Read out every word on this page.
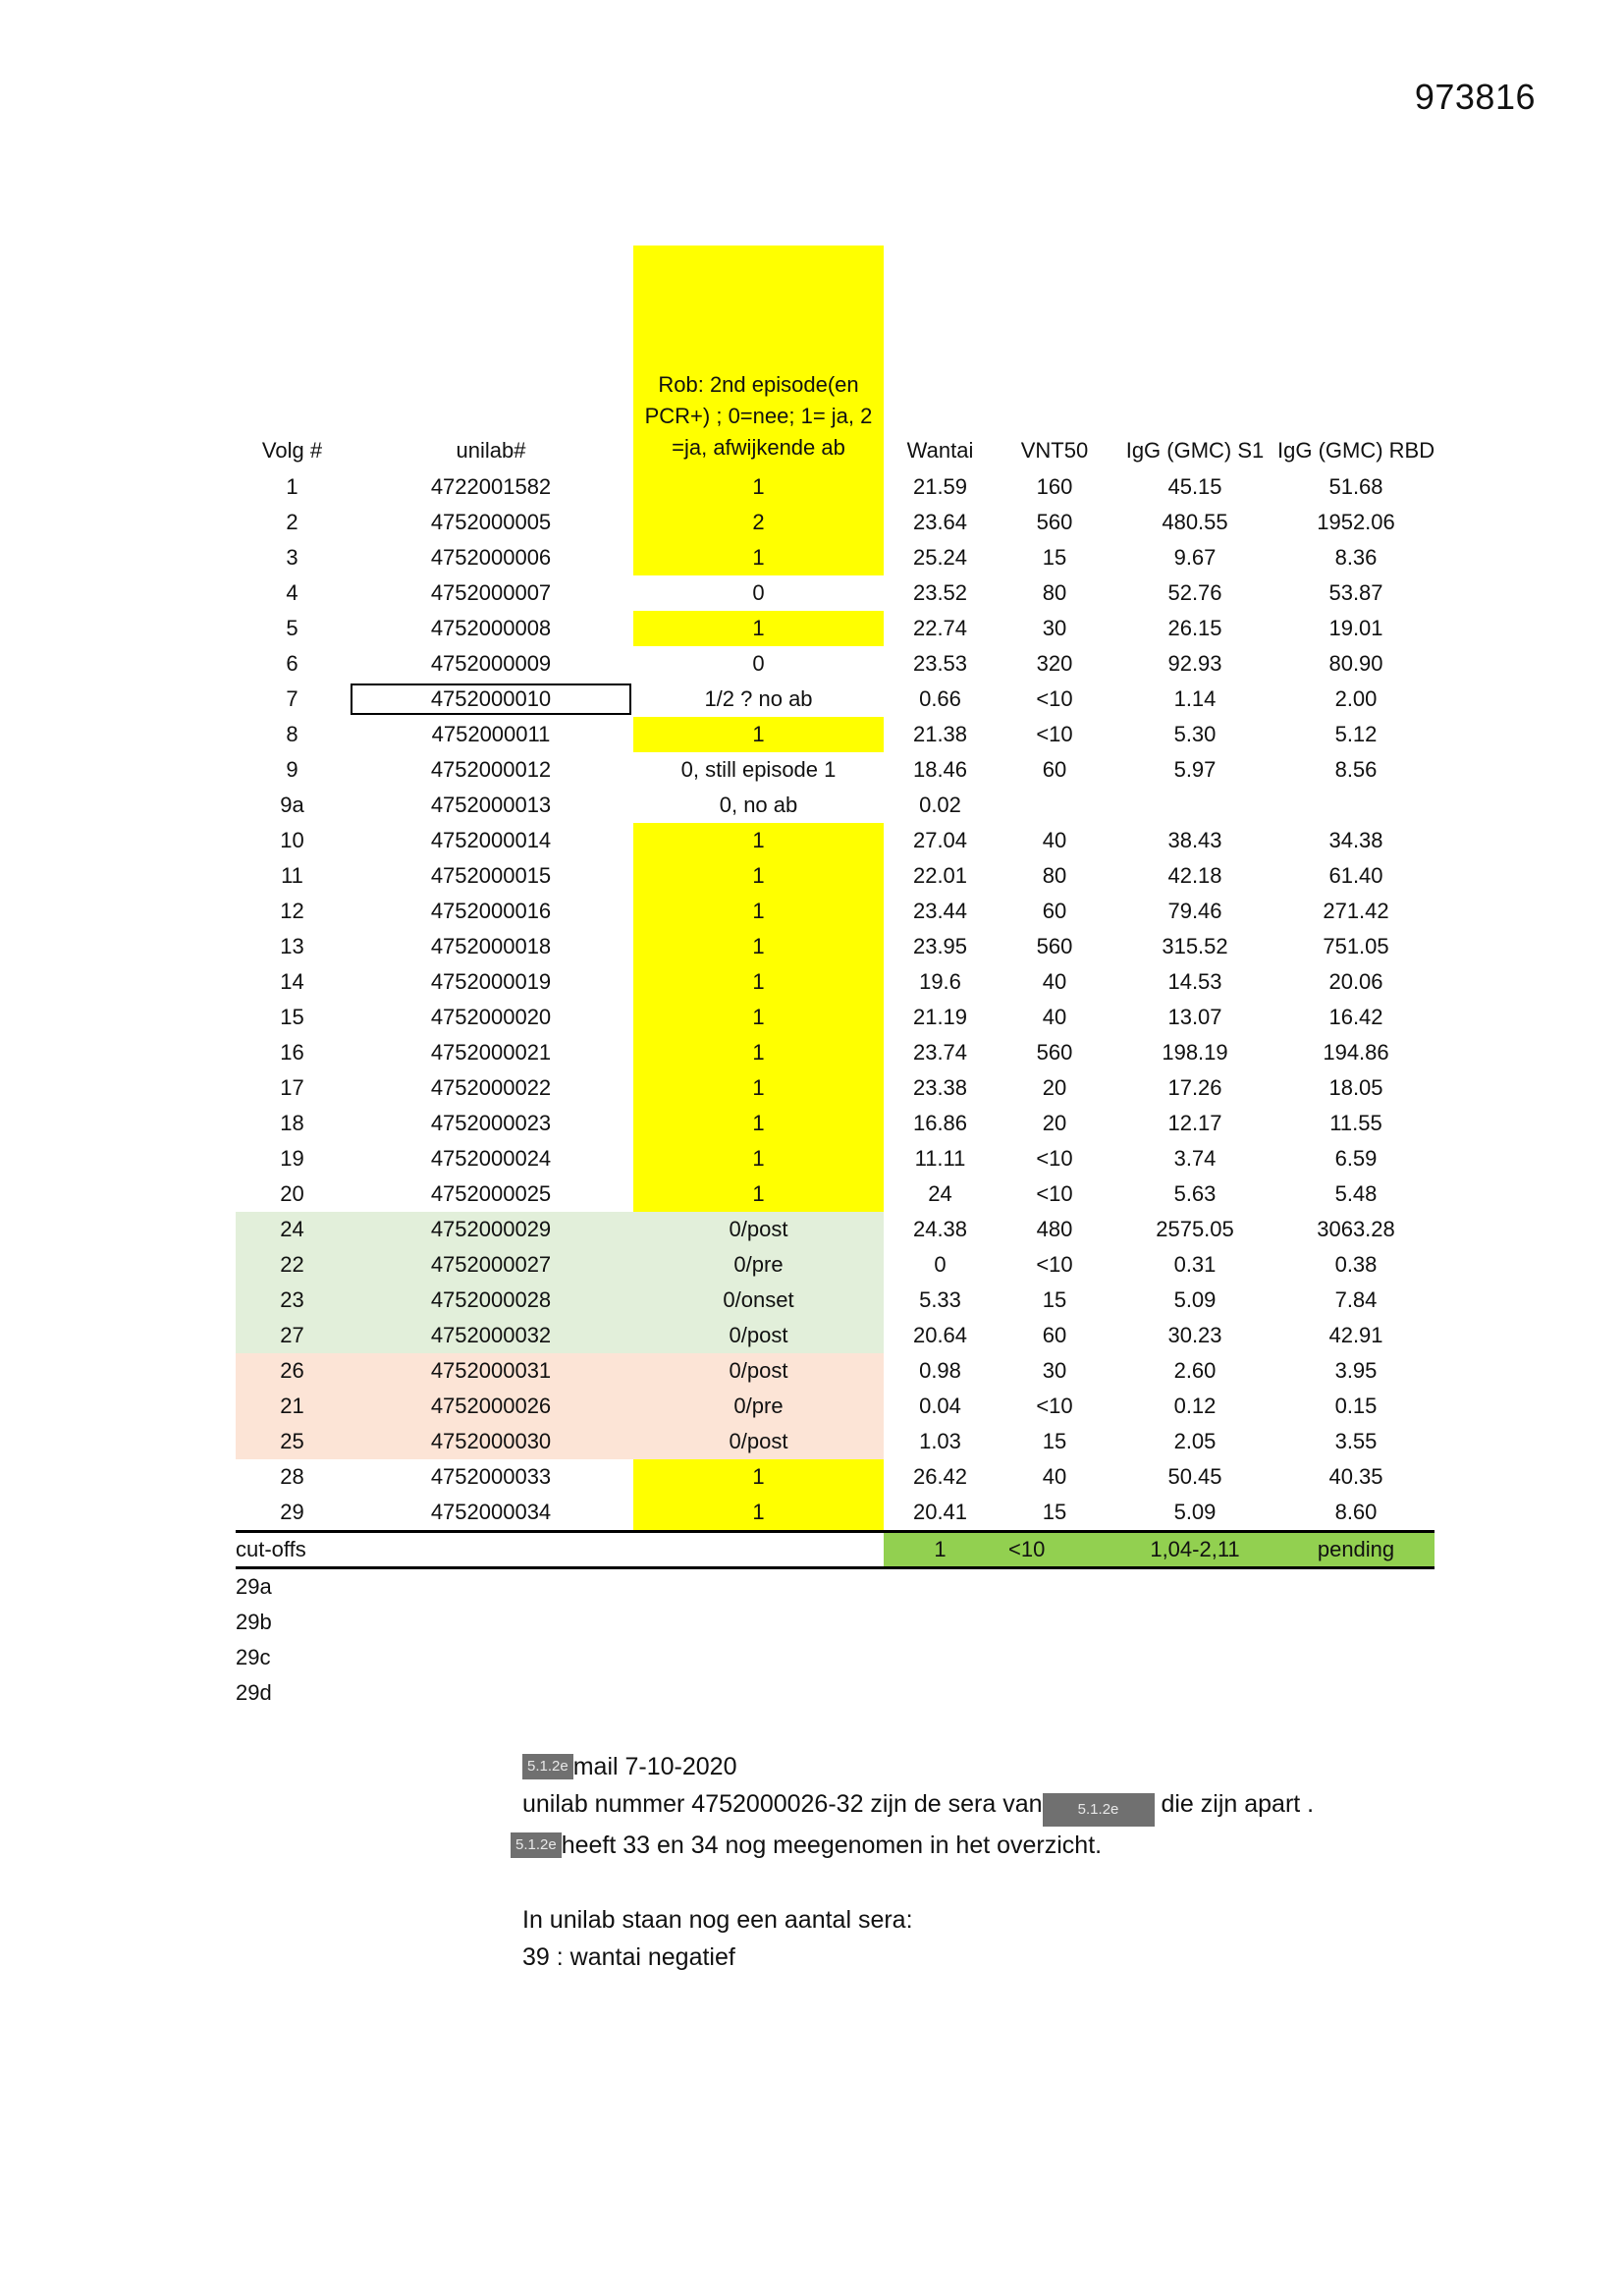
973816
Volg #	unilab#	Rob: 2nd episode(en PCR+) ; 0=nee; 1= ja, 2 =ja, afwijkende ab	Wantai	VNT50	IgG (GMC) S1	IgG (GMC) RBD
1	4722001582	1	21.59	160	45.15	51.68
2	4752000005	2	23.64	560	480.55	1952.06
3	4752000006	1	25.24	15	9.67	8.36
4	4752000007	0	23.52	80	52.76	53.87
5	4752000008	1	22.74	30	26.15	19.01
6	4752000009	0	23.53	320	92.93	80.90
7	4752000010	1/2 ? no ab	0.66	<10	1.14	2.00
8	4752000011	1	21.38	<10	5.30	5.12
9	4752000012	0, still episode 1	18.46	60	5.97	8.56
9a	4752000013	0, no ab	0.02			
10	4752000014	1	27.04	40	38.43	34.38
11	4752000015	1	22.01	80	42.18	61.40
12	4752000016	1	23.44	60	79.46	271.42
13	4752000018	1	23.95	560	315.52	751.05
14	4752000019	1	19.6	40	14.53	20.06
15	4752000020	1	21.19	40	13.07	16.42
16	4752000021	1	23.74	560	198.19	194.86
17	4752000022	1	23.38	20	17.26	18.05
18	4752000023	1	16.86	20	12.17	11.55
19	4752000024	1	11.11	<10	3.74	6.59
20	4752000025	1	24	<10	5.63	5.48
24	4752000029	0/post	24.38	480	2575.05	3063.28
22	4752000027	0/pre	0	<10	0.31	0.38
23	4752000028	0/onset	5.33	15	5.09	7.84
27	4752000032	0/post	20.64	60	30.23	42.91
26	4752000031	0/post	0.98	30	2.60	3.95
21	4752000026	0/pre	0.04	<10	0.12	0.15
25	4752000030	0/post	1.03	15	2.05	3.55
28	4752000033	1	26.42	40	50.45	40.35
29	4752000034	1	20.41	15	5.09	8.60
cut-offs			1	<10	1,04-2,11	pending
29a						
29b						
29c						
29d						

5.1.2e mail 7-10-2020

unilab nummer 4752000026-32 zijn de sera van 5.1.2e die zijn apart .

5.1.2e heeft 33 en 34 nog meegenomen in het overzicht.

In unilab staan nog een aantal sera:

39 : wantai negatief
